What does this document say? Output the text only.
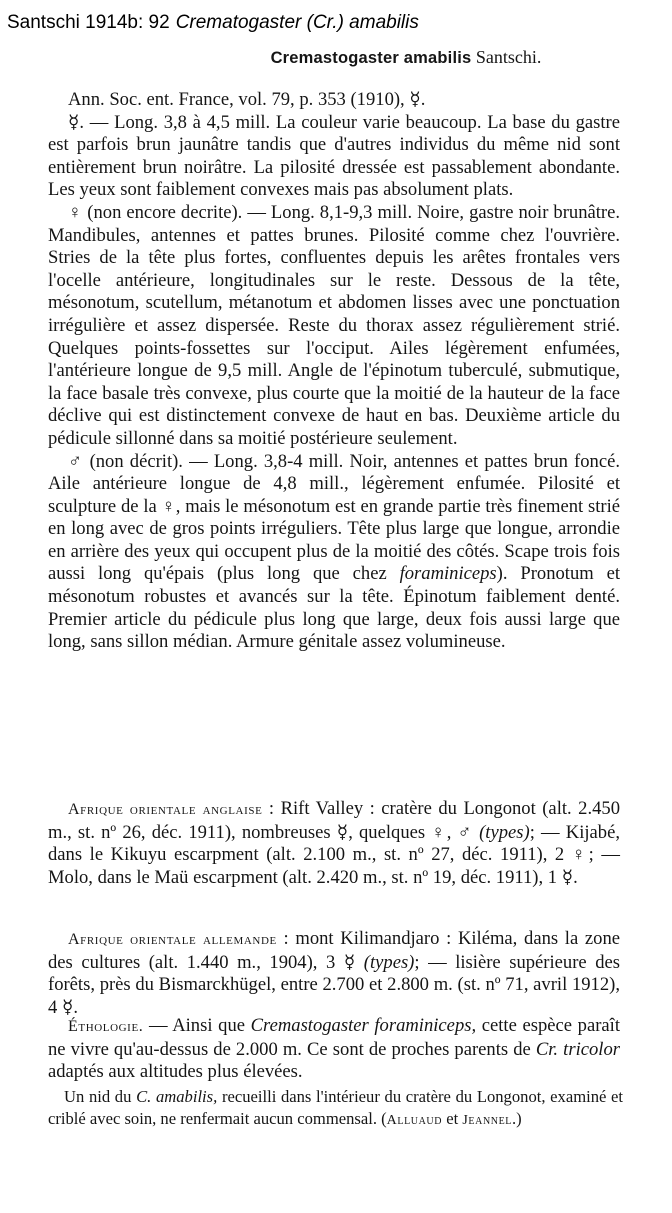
Santschi 1914b: 92 Crematogaster (Cr.) amabilis
Cremastogaster amabilis Santschi.

Ann. Soc. ent. France, vol. 79, p. 353 (1910), ☿.

☿. — Long. 3,8 à 4,5 mill. La couleur varie beaucoup. La base du gastre est parfois brun jaunâtre tandis que d'autres individus du même nid sont entièrement brun noirâtre. La pilosité dressée est passablement abondante. Les yeux sont faiblement convexes mais pas absolument plats.

♀ (non encore decrite). — Long. 8,1-9,3 mill. Noire, gastre noir brunâtre. Mandibules, antennes et pattes brunes. Pilosité comme chez l'ouvrière. Stries de la tête plus fortes, confluentes depuis les arêtes frontales vers l'ocelle antérieure, longitudinales sur le reste. Dessous de la tête, mésonotum, scutellum, métanotum et abdomen lisses avec une ponctuation irrégulière et assez dispersée. Reste du thorax assez régulièrement strié. Quelques points-fossettes sur l'occiput. Ailes légèrement enfumées, l'antérieure longue de 9,5 mill. Angle de l'épinotum tuberculé, submutique, la face basale très convexe, plus courte que la moitié de la hauteur de la face déclive qui est distinctement convexe de haut en bas. Deuxième article du pédicule sillonné dans sa moitié postérieure seulement.

♂ (non décrit). — Long. 3,8-4 mill. Noir, antennes et pattes brun foncé. Aile antérieure longue de 4,8 mill., légèrement enfumée. Pilosité et sculpture de la ♀, mais le mésonotum est en grande partie très finement strié en long avec de gros points irréguliers. Tête plus large que longue, arrondie en arrière des yeux qui occupent plus de la moitié des côtés. Scape trois fois aussi long qu'épais (plus long que chez foraminiceps). Pronotum et mésonotum robustes et avancés sur la tête. Épinotum faiblement denté. Premier article du pédicule plus long que large, deux fois aussi large que long, sans sillon médian. Armure génitale assez volumineuse.

Afrique orientale anglaise : Rift Valley : cratère du Longonot (alt. 2.450 m., st. nº 26, déc. 1911), nombreuses ☿, quelques ♀, ♂ (types); — Kijabé, dans le Kikuyu escarpment (alt. 2.100 m., st. nº 27, déc. 1911), 2 ♀; — Molo, dans le Maü escarpment (alt. 2.420 m., st. nº 19, déc. 1911), 1 ☿.

Afrique orientale allemande : mont Kilimandjaro : Kiléma, dans la zone des cultures (alt. 1.440 m., 1904), 3 ☿ (types); — lisière supérieure des forêts, près du Bismarckhügel, entre 2.700 et 2.800 m. (st. nº 71, avril 1912), 4 ☿.

Éthologie. — Ainsi que Cremastogaster foraminiceps, cette espèce paraît ne vivre qu'au-dessus de 2.000 m. Ce sont de proches parents de Cr. tricolor adaptés aux altitudes plus élevées.

Un nid du C. amabilis, recueilli dans l'intérieur du cratère du Longonot, examiné et criblé avec soin, ne renfermait aucun commensal. (Alluaud et Jeannel.)
